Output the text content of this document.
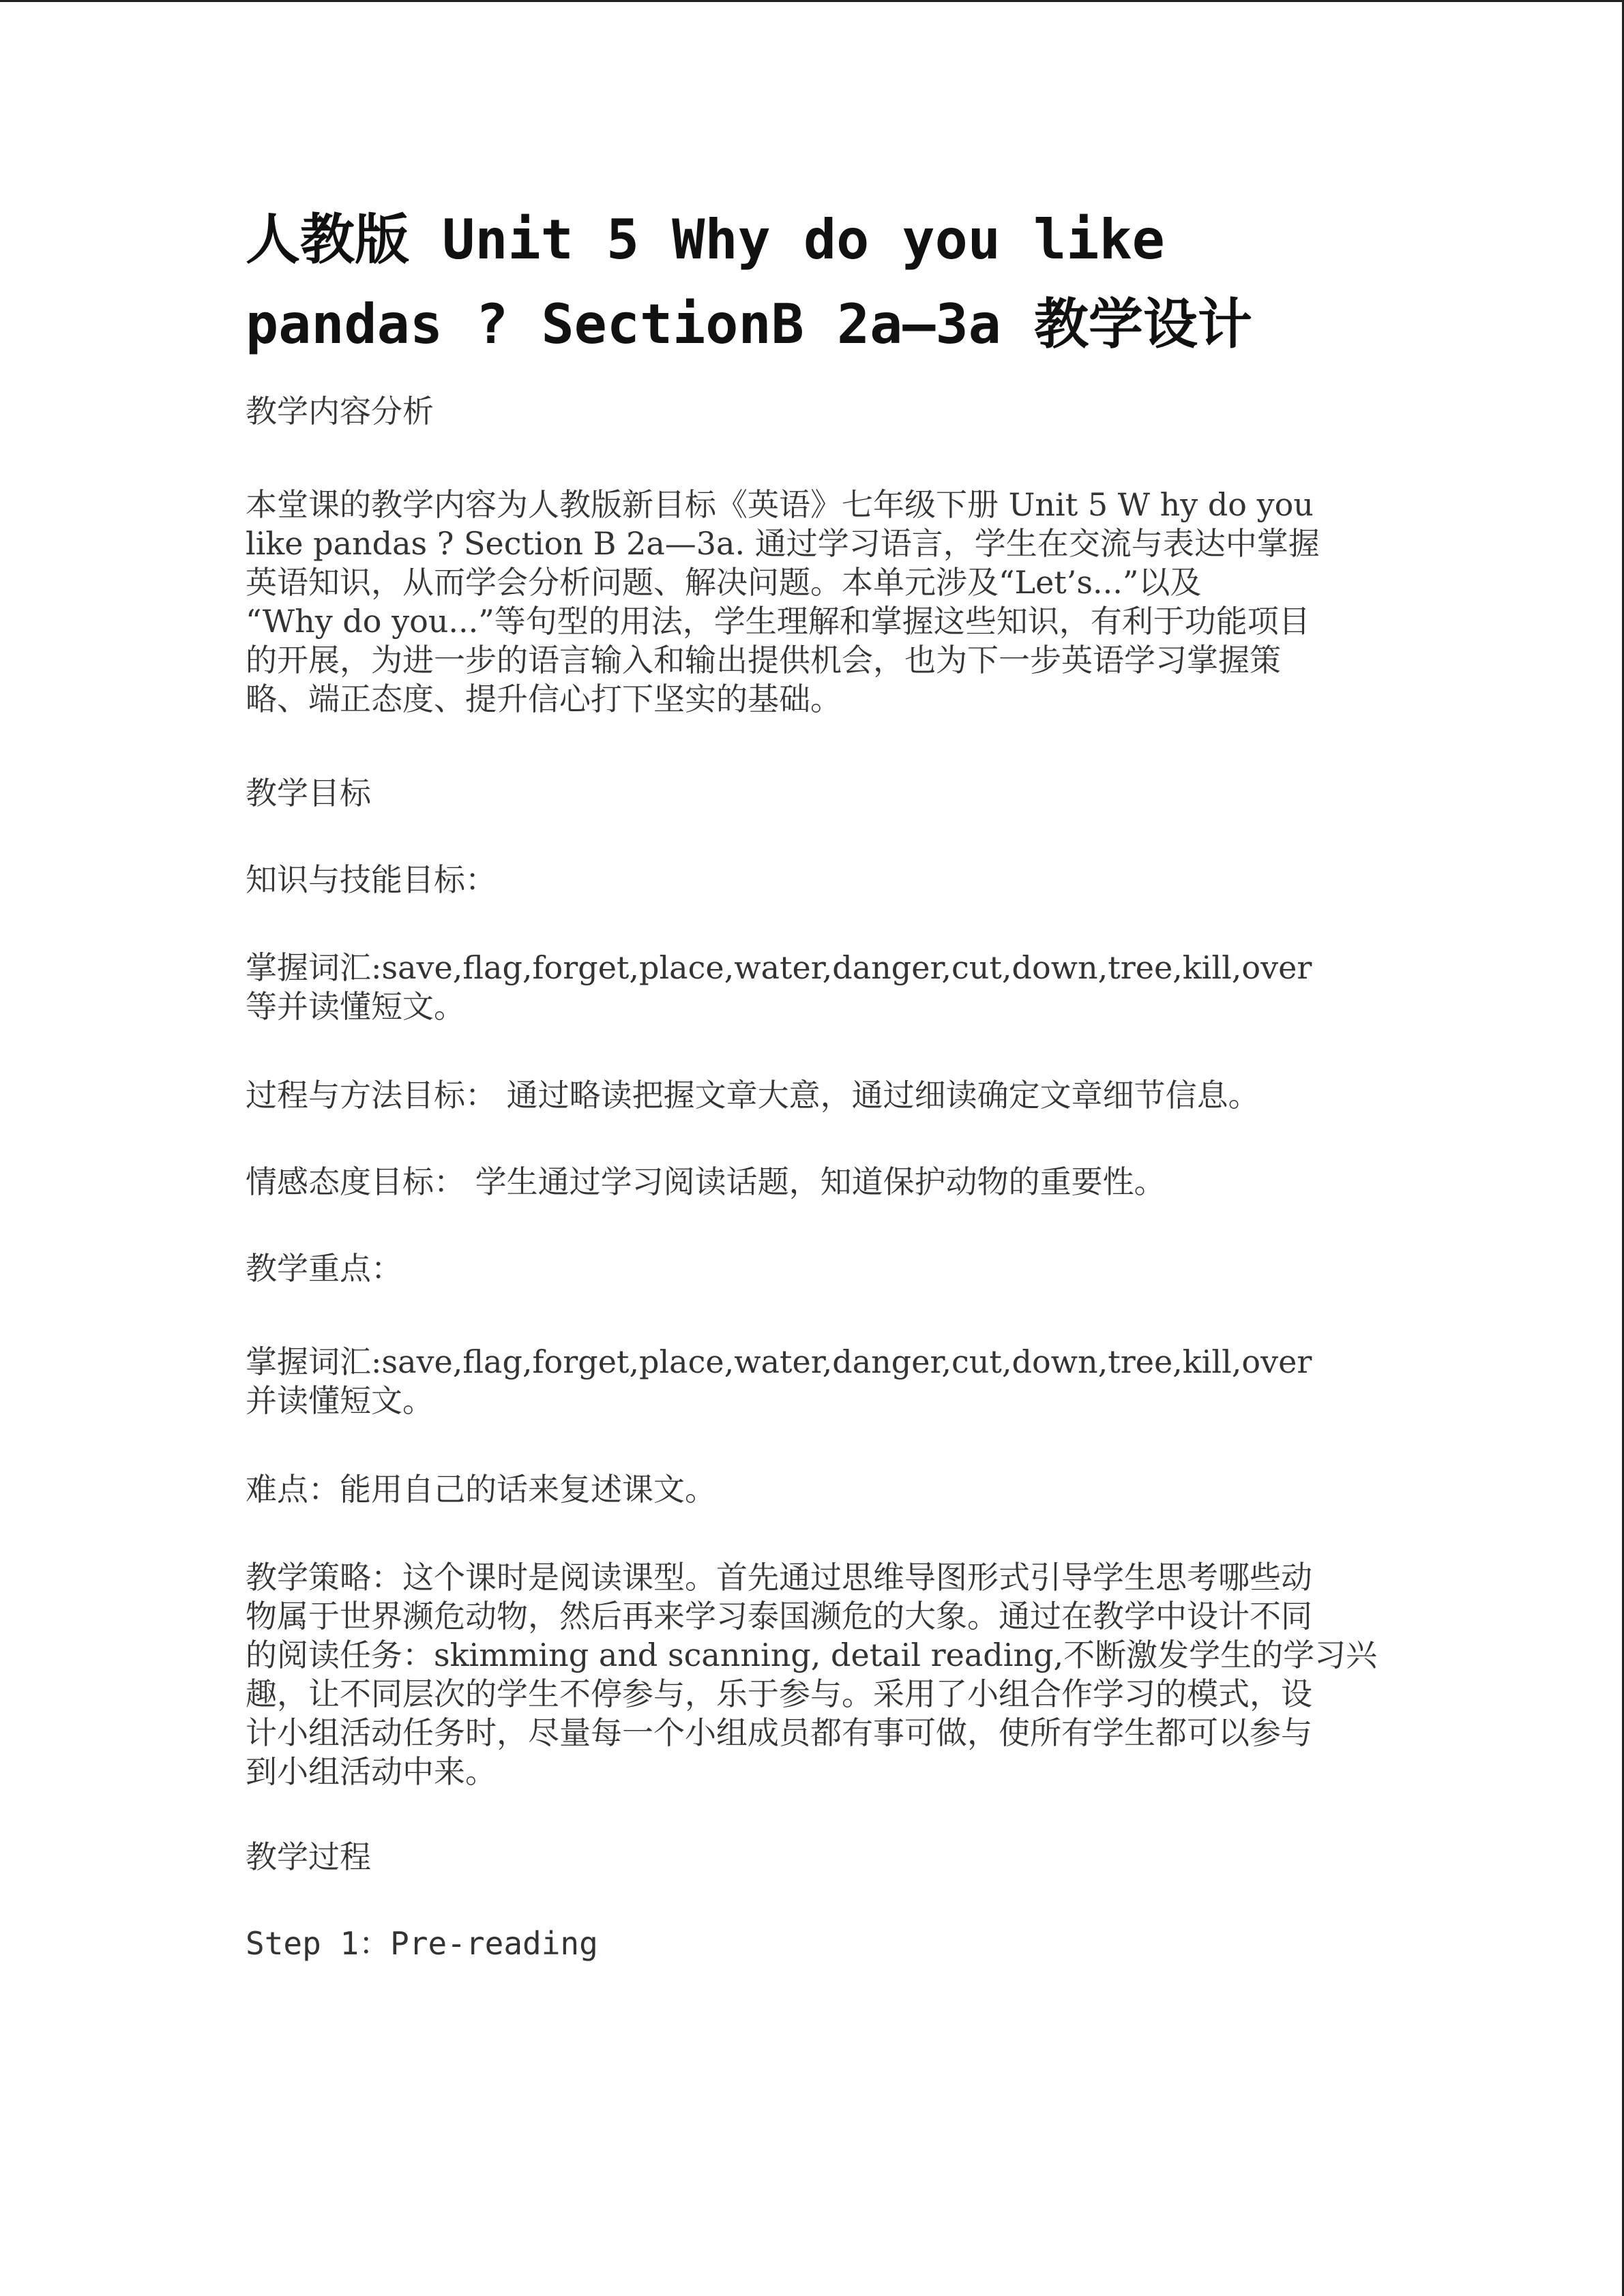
人教版 Unit 5 Why do you like
pandas ? SectionB 2a—3a 教学设计
教学内容分析
本堂课的教学内容为人教版新目标《英语》七年级下册 Unit 5 W hy do you
like pandas ? Section B 2a—3a. 通过学习语言，学生在交流与表达中掌握
英语知识，从而学会分析问题、解决问题。本单元涉及“Let’s...”以及
“Why do you...”等句型的用法，学生理解和掌握这些知识，有利于功能项目
的开展，为进一步的语言输入和输出提供机会，也为下一步英语学习掌握策
略、端正态度、提升信心打下坚实的基础。
教学目标
知识与技能目标：
掌握词汇:save,flag,forget,place,water,danger,cut,down,tree,kill,over
等并读懂短文。
过程与方法目标： 通过略读把握文章大意，通过细读确定文章细节信息。
情感态度目标： 学生通过学习阅读话题，知道保护动物的重要性。
教学重点：
掌握词汇:save,flag,forget,place,water,danger,cut,down,tree,kill,over
并读懂短文。
难点：能用自己的话来复述课文。
教学策略：这个课时是阅读课型。首先通过思维导图形式引导学生思考哪些动
物属于世界濒危动物，然后再来学习泰国濒危的大象。通过在教学中设计不同
的阅读任务：skimming and scanning, detail reading,不断激发学生的学习兴
趣，让不同层次的学生不停参与，乐于参与。采用了小组合作学习的模式，设
计小组活动任务时，尽量每一个小组成员都有事可做，使所有学生都可以参与
到小组活动中来。
教学过程
Step 1：Pre-reading
